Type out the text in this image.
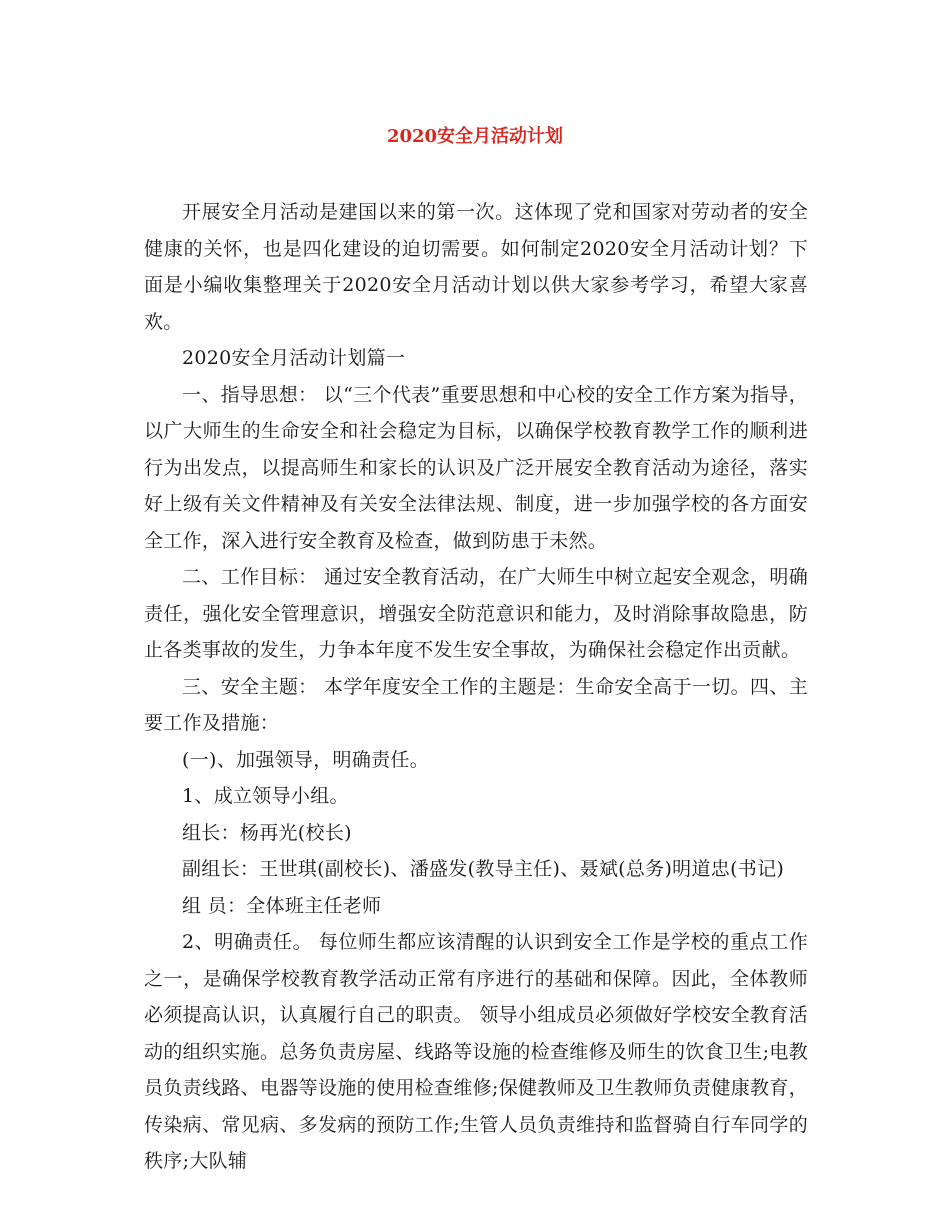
2020安全月活动计划

开展安全月活动是建国以来的第一次。这体现了党和国家对劳动者的安全健康的关怀，也是四化建设的迫切需要。如何制定2020安全月活动计划？下面是小编收集整理关于2020安全月活动计划以供大家参考学习，希望大家喜欢。

2020安全月活动计划篇一

一、指导思想： 以“三个代表”重要思想和中心校的安全工作方案为指导，以广大师生的生命安全和社会稳定为目标，以确保学校教育教学工作的顺利进行为出发点，以提高师生和家长的认识及广泛开展安全教育活动为途径，落实好上级有关文件精神及有关安全法律法规、制度，进一步加强学校的各方面安全工作，深入进行安全教育及检查，做到防患于未然。

二、工作目标： 通过安全教育活动，在广大师生中树立起安全观念，明确责任，强化安全管理意识，增强安全防范意识和能力，及时消除事故隐患，防止各类事故的发生，力争本年度不发生安全事故，为确保社会稳定作出贡献。

三、安全主题： 本学年度安全工作的主题是：生命安全高于一切。四、主要工作及措施：

(一)、加强领导，明确责任。

1、成立领导小组。

组长：杨再光(校长)

副组长：王世琪(副校长)、潘盛发(教导主任)、聂斌(总务)明道忠(书记)

组 员：全体班主任老师

2、明确责任。 每位师生都应该清醒的认识到安全工作是学校的重点工作之一，是确保学校教育教学活动正常有序进行的基础和保障。因此，全体教师必须提高认识，认真履行自己的职责。 领导小组成员必须做好学校安全教育活动的组织实施。总务负责房屋、线路等设施的检查维修及师生的饮食卫生;电教员负责线路、电器等设施的使用检查维修;保健教师及卫生教师负责健康教育，传染病、常见病、多发病的预防工作;生管人员负责维持和监督骑自行车同学的秩序;大队辅
